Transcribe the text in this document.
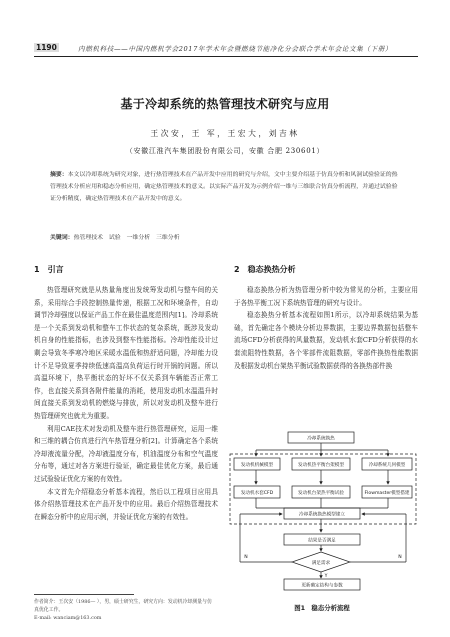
1190	内燃机科技——中国内燃机学会2017年学术年会暨燃烧节能净化分会联合学术年会论文集（下册）
基于冷却系统的热管理技术研究与应用
王次安，王 军，王宏大，刘吉林
（安徽江淮汽车集团股份有限公司，安徽 合肥 230601）
摘要：本文以冷却系统为研究对象，进行热管理技术在产品开发中应用的研究与介绍，文中主要介绍基于仿真分析和风洞试验验证的热管理技术分析应用和稳态分析应用，确定热管理技术的意义。以实际产品开发为示例介绍一维与三维联合仿真分析流程，并通过试验验证分析精度，确定热管理技术在产品开发中的意义。
关键词：热管理技术　试验　一维分析　三维分析
1　引言

热管理研究就是从热量角度出发统筹发动机与整车间的关系，采用综合手段控制热量传递，根据工况和环境条件，自动调节冷却强度以保证产品工作在最佳温度范围内[1]。冷却系统是一个关系到发动机和整车工作状态的复杂系统，既涉及发动机自身的性能指标，也涉及到整车性能指标。冷却性能设计过剩会导致冬季寒冷地区采暖水温低和热舒适问题，冷却能力设计不足导致夏季持续低速高温高负荷运行时开锅的问题。所以高温环境下，热平衡状态的好坏不仅关系到车辆能否正常工作，也直接关系到各附件能量的消耗，使用发动机水温温升时间直接关系到发动机的燃烧与排放，所以对发动机及整车进行热管理研究也就尤为重要。

利用CAE技术对发动机及整车进行热管理研究，运用一维和三维的耦合仿真进行汽车热管理分析[2]。计算确定各个系统冷却液流量分配，冷却液温度分布，机油温度分布和空气温度分布等，通过对各方案进行验证，确定最佳优化方案，最后通过试验验证优化方案的有效性。

本文首先介绍稳态分析基本流程，然后以工程项目应用具体介绍热管理技术在产品开发中的应用。最后介绍热管理技术在瞬态分析中的应用示例，并验证优化方案的有效性。

2　稳态换热分析

稳态换热分析为热管理分析中较为常见的分析，主要应用于各热平衡工况下系统热管理的研究与设计。

稳态换热分析基本流程如图1所示，以冷却系统结果为基础，首先确定各个模块分析边界数据，主要边界数据包括整车流场CFD分析获得的风量数据，发动机水套CFD分析获得的水套流阻特性数据，各个零部件流阻数据，零部件换热性能数据及根据发动机台架热平衡试验数据获得的各换热部件换

冷却系统换热
发动机机械模型	发动机热平衡台架模型	冷却系统几何模型
发动机水套CFD	发动机台架热平衡试验	Flowmaster模型搭建
冷却系统换热模型建立
结果是否满足
满足需求
更新确定结构与参数
N	N
Y
图1　稳态分析流程
作者简介：王次安（1986— ），男，硕士研究生，研究方向：发动机冷却测量与仿真优化工作。
E-mail: wanciam@163.com
